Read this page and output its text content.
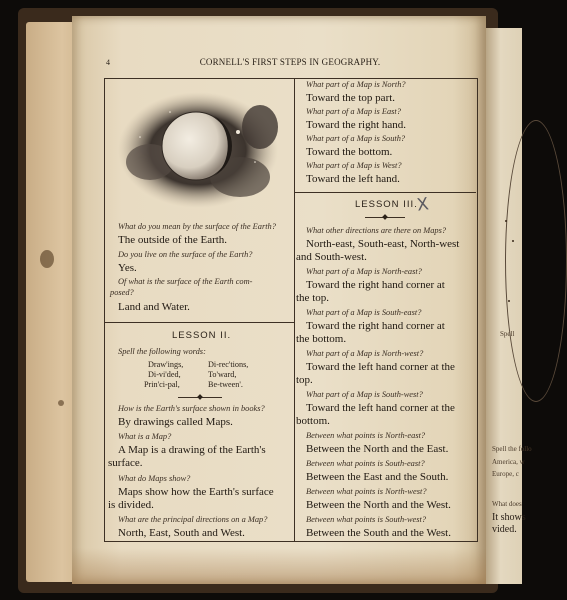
Spell
Spell the follo
America, w
Europe, c
What does
It shows
vided.
4	CORNELL'S FIRST STEPS IN GEOGRAPHY.
What do you mean by the surface of the Earth?
The outside of the Earth.
Do you live on the surface of the Earth?
Yes.
Of what is the surface of the Earth com-
posed?
Land and Water.
LESSON II.
Spell the following words:
Draw'ings,
Di-vi'ded,
Prin'ci-pal,
Di-rec'tions,
To'ward,
Be-tween'.
How is the Earth's surface shown in books?
By drawings called Maps.
What is a Map?
A Map is a drawing of the Earth's
surface.
What do Maps show?
Maps show how the Earth's surface
is divided.
What are the principal directions on a Map?
North, East, South and West.
What part of a Map is North?
Toward the top part.
What part of a Map is East?
Toward the right hand.
What part of a Map is South?
Toward the bottom.
What part of a Map is West?
Toward the left hand.
LESSON III.
X
What other directions are there on Maps?
North-east, South-east, North-west
and South-west.
What part of a Map is North-east?
Toward the right hand corner at
the top.
What part of a Map is South-east?
Toward the right hand corner at
the bottom.
What part of a Map is North-west?
Toward the left hand corner at the
top.
What part of a Map is South-west?
Toward the left hand corner at the
bottom.
Between what points is North-east?
Between the North and the East.
Between what points is South-east?
Between the East and the South.
Between what points is North-west?
Between the North and the West.
Between what points is South-west?
Between the South and the West.
